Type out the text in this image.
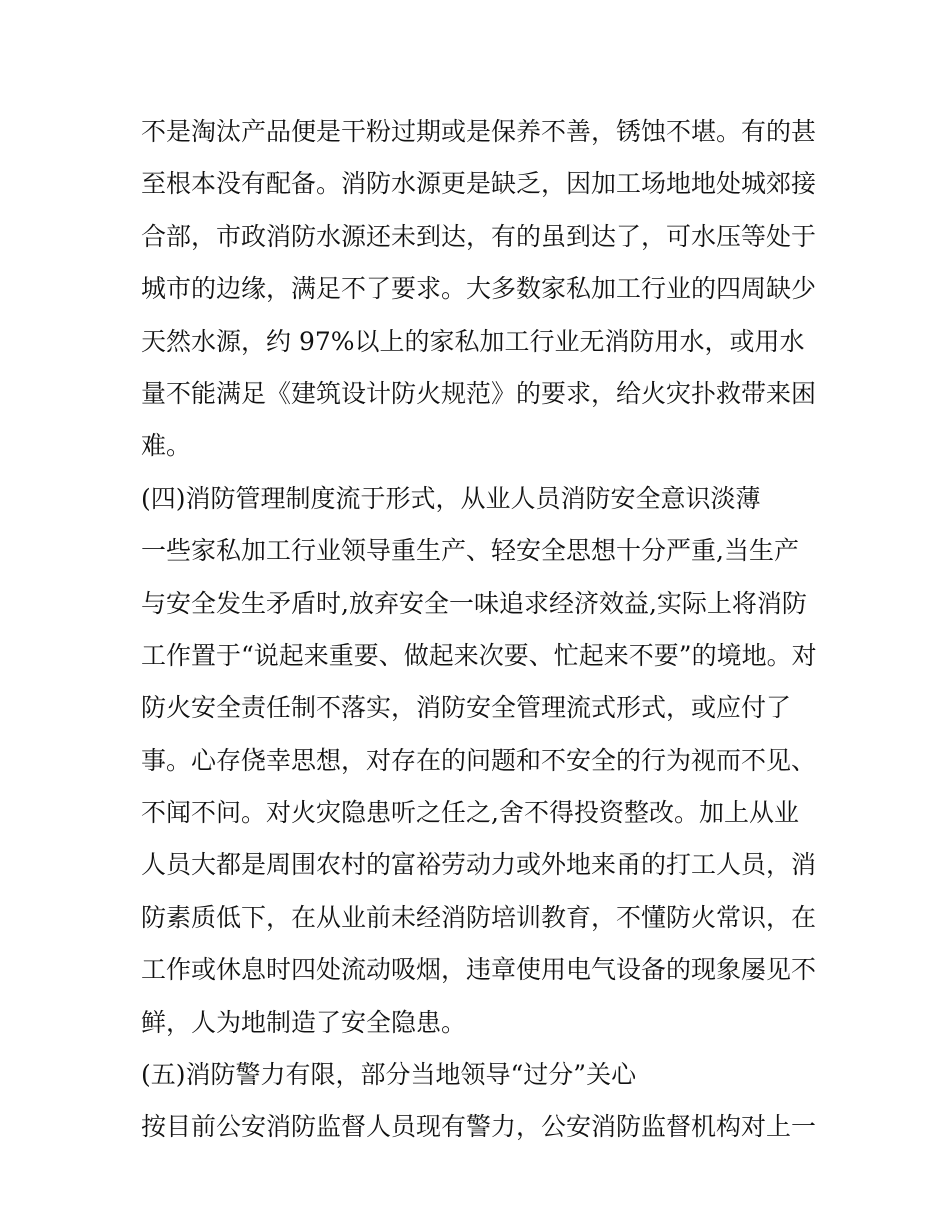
不是淘汰产品便是干粉过期或是保养不善，锈蚀不堪。有的甚
至根本没有配备。消防水源更是缺乏，因加工场地地处城郊接
合部，市政消防水源还未到达，有的虽到达了，可水压等处于
城市的边缘，满足不了要求。大多数家私加工行业的四周缺少
天然水源，约 97%以上的家私加工行业无消防用水，或用水
量不能满足《建筑设计防火规范》的要求，给火灾扑救带来困
难。
(四)消防管理制度流于形式，从业人员消防安全意识淡薄
一些家私加工行业领导重生产、轻安全思想十分严重,当生产
与安全发生矛盾时,放弃安全一味追求经济效益,实际上将消防
工作置于“说起来重要、做起来次要、忙起来不要”的境地。对
防火安全责任制不落实，消防安全管理流式形式，或应付了
事。心存侥幸思想，对存在的问题和不安全的行为视而不见、
不闻不问。对火灾隐患听之任之,舍不得投资整改。加上从业
人员大都是周围农村的富裕劳动力或外地来甬的打工人员，消
防素质低下，在从业前未经消防培训教育，不懂防火常识，在
工作或休息时四处流动吸烟，违章使用电气设备的现象屡见不
鲜，人为地制造了安全隐患。
(五)消防警力有限，部分当地领导“过分”关心
按目前公安消防监督人员现有警力，公安消防监督机构对上一
